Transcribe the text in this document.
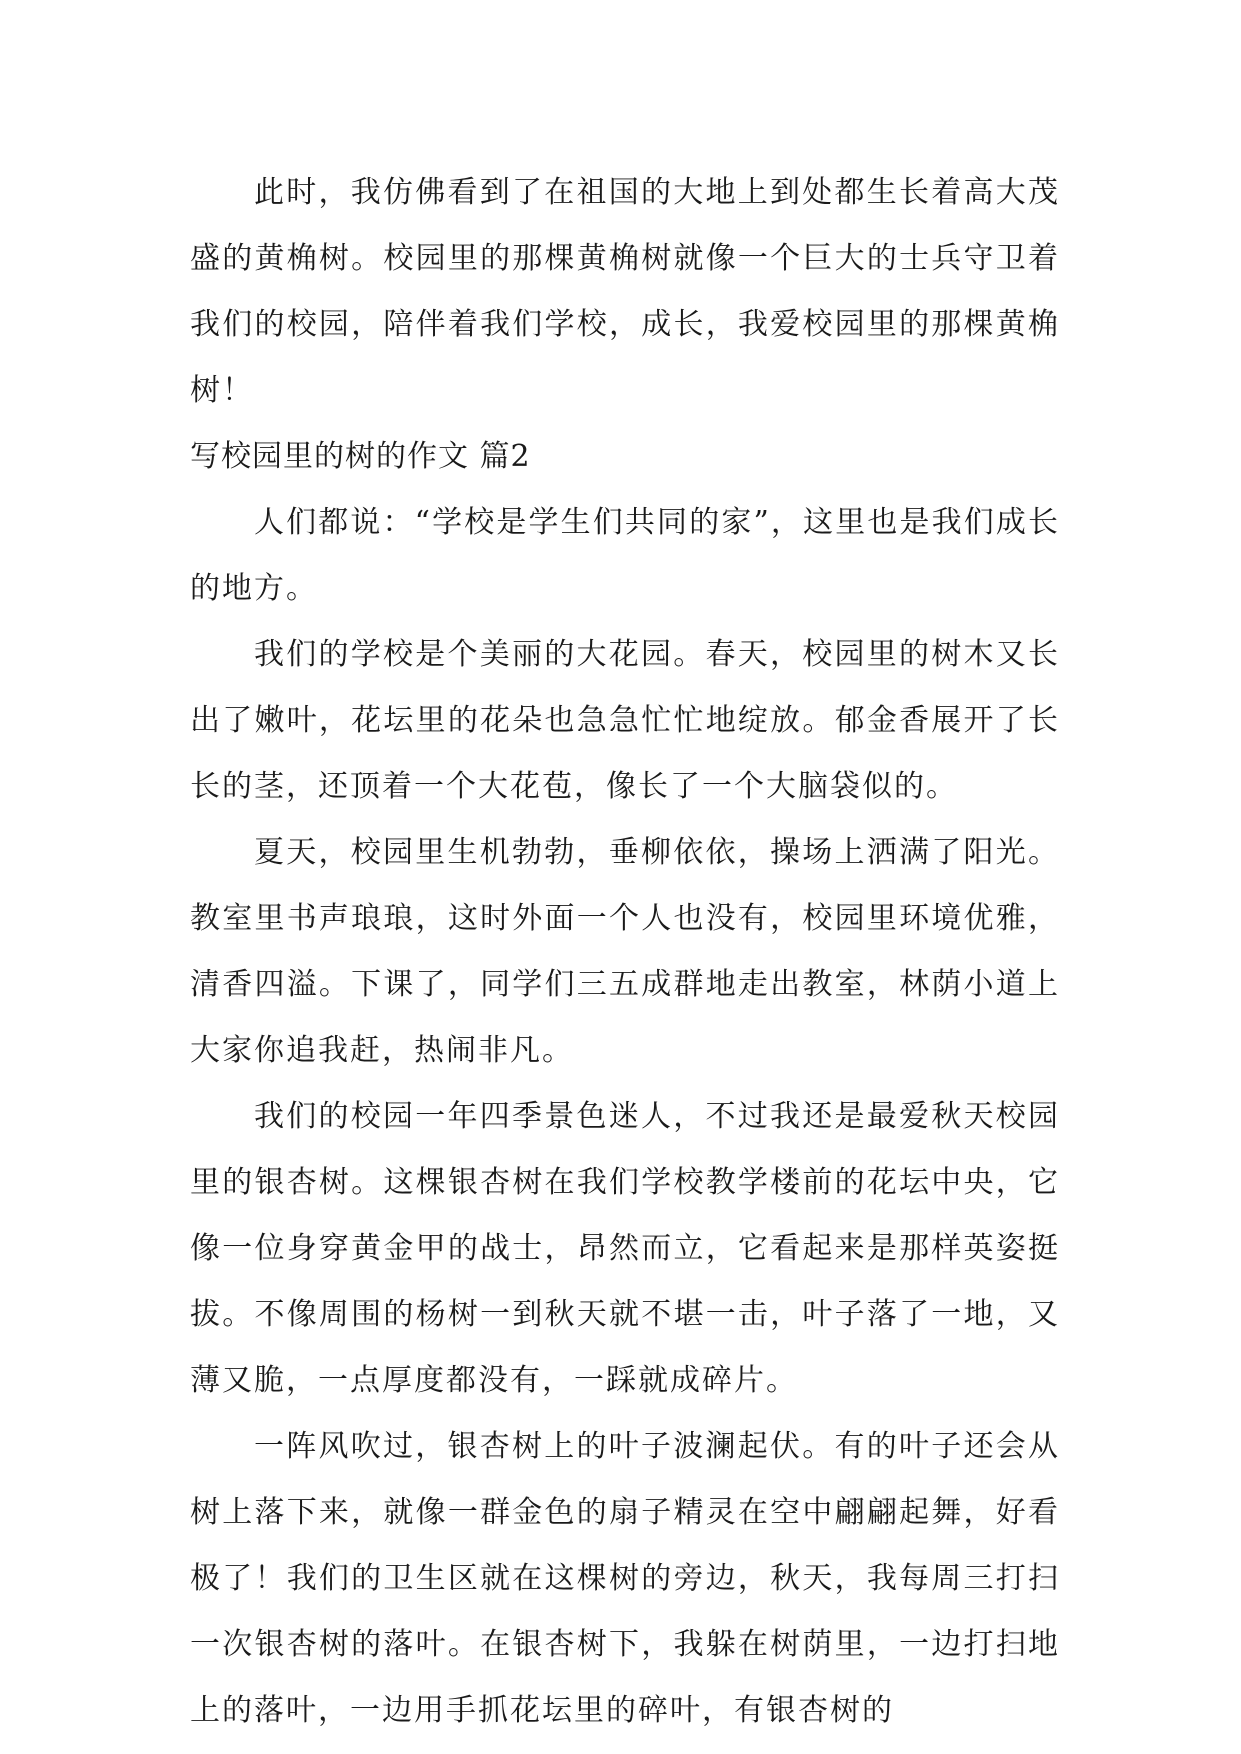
此时，我仿佛看到了在祖国的大地上到处都生长着高大茂盛的黄桷树。校园里的那棵黄桷树就像一个巨大的士兵守卫着我们的校园，陪伴着我们学校，成长，我爱校园里的那棵黄桷树！

写校园里的树的作文 篇2

人们都说：“学校是学生们共同的家”，这里也是我们成长的地方。

我们的学校是个美丽的大花园。春天，校园里的树木又长出了嫩叶，花坛里的花朵也急急忙忙地绽放。郁金香展开了长长的茎，还顶着一个大花苞，像长了一个大脑袋似的。

夏天，校园里生机勃勃，垂柳依依，操场上洒满了阳光。教室里书声琅琅，这时外面一个人也没有，校园里环境优雅，清香四溢。下课了，同学们三五成群地走出教室，林荫小道上大家你追我赶，热闹非凡。

我们的校园一年四季景色迷人，不过我还是最爱秋天校园里的银杏树。这棵银杏树在我们学校教学楼前的花坛中央，它像一位身穿黄金甲的战士，昂然而立，它看起来是那样英姿挺拔。不像周围的杨树一到秋天就不堪一击，叶子落了一地，又薄又脆，一点厚度都没有，一踩就成碎片。

一阵风吹过，银杏树上的叶子波澜起伏。有的叶子还会从树上落下来，就像一群金色的扇子精灵在空中翩翩起舞，好看极了！我们的卫生区就在这棵树的旁边，秋天，我每周三打扫一次银杏树的落叶。在银杏树下，我躲在树荫里，一边打扫地上的落叶，一边用手抓花坛里的碎叶，有银杏树的
